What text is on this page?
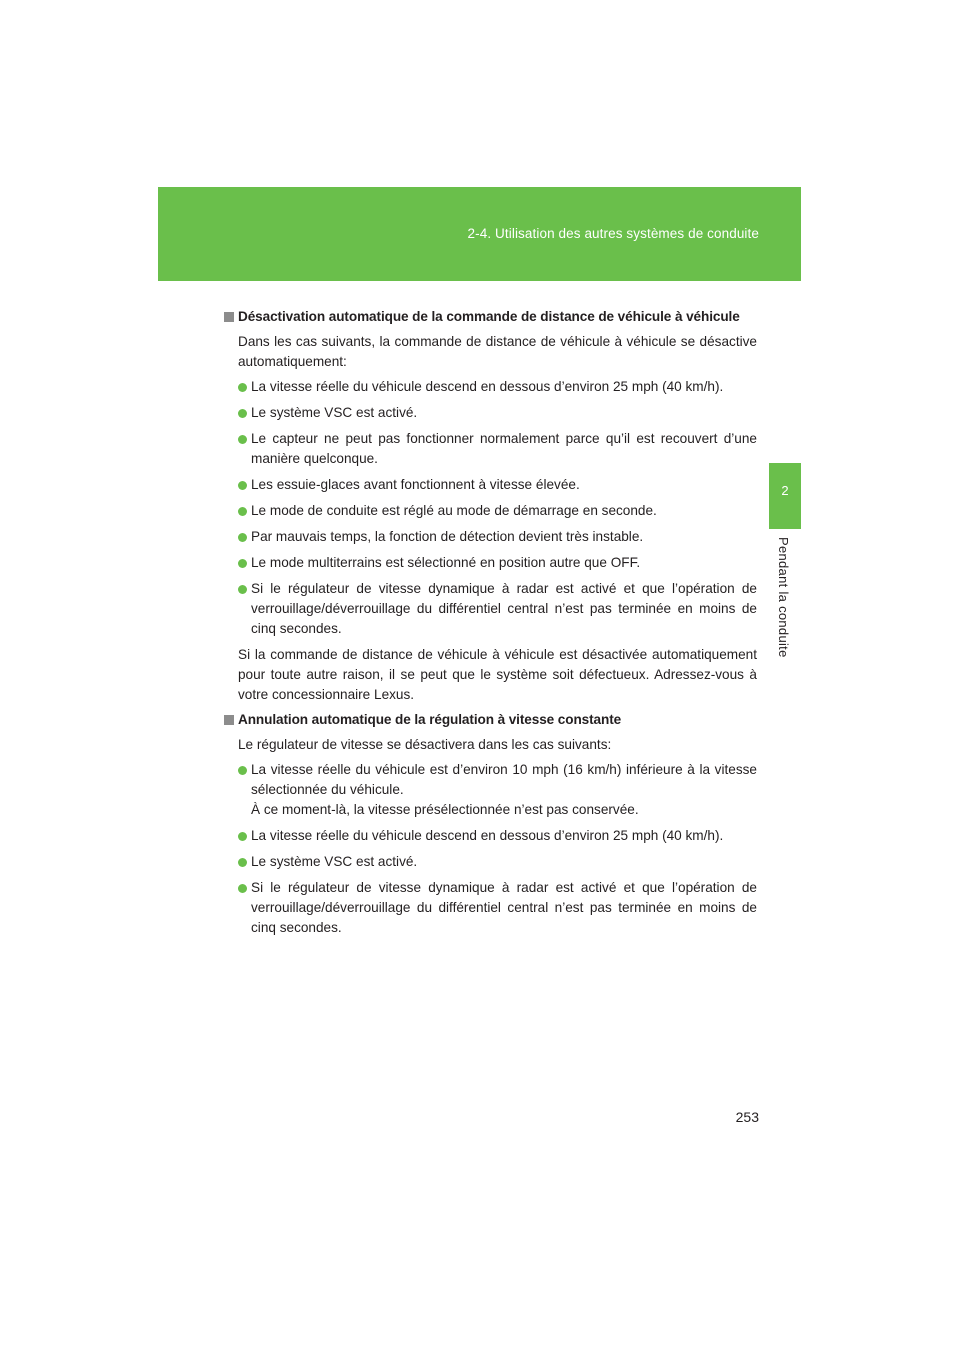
2-4. Utilisation des autres systèmes de conduite
2
Pendant la conduite
Désactivation automatique de la commande de distance de véhicule à véhicule

Dans les cas suivants, la commande de distance de véhicule à véhicule se désactive automatiquement:

La vitesse réelle du véhicule descend en dessous d’environ 25 mph (40 km/h).
Le système VSC est activé.
Le capteur ne peut pas fonctionner normalement parce qu’il est recouvert d’une manière quelconque.
Les essuie-glaces avant fonctionnent à vitesse élevée.
Le mode de conduite est réglé au mode de démarrage en seconde.
Par mauvais temps, la fonction de détection devient très instable.
Le mode multiterrains est sélectionné en position autre que OFF.
Si le régulateur de vitesse dynamique à radar est activé et que l’opération de verrouillage/déverrouillage du différentiel central n’est pas terminée en moins de cinq secondes.

Si la commande de distance de véhicule à véhicule est désactivée automatiquement pour toute autre raison, il se peut que le système soit défectueux. Adressez-vous à votre concessionnaire Lexus.

Annulation automatique de la régulation à vitesse constante

Le régulateur de vitesse se désactivera dans les cas suivants:

La vitesse réelle du véhicule est d’environ 10 mph (16 km/h) inférieure à la vitesse sélectionnée du véhicule.
À ce moment-là, la vitesse présélectionnée n’est pas conservée.
La vitesse réelle du véhicule descend en dessous d’environ 25 mph (40 km/h).
Le système VSC est activé.
Si le régulateur de vitesse dynamique à radar est activé et que l’opération de verrouillage/déverrouillage du différentiel central n’est pas terminée en moins de cinq secondes.
253
